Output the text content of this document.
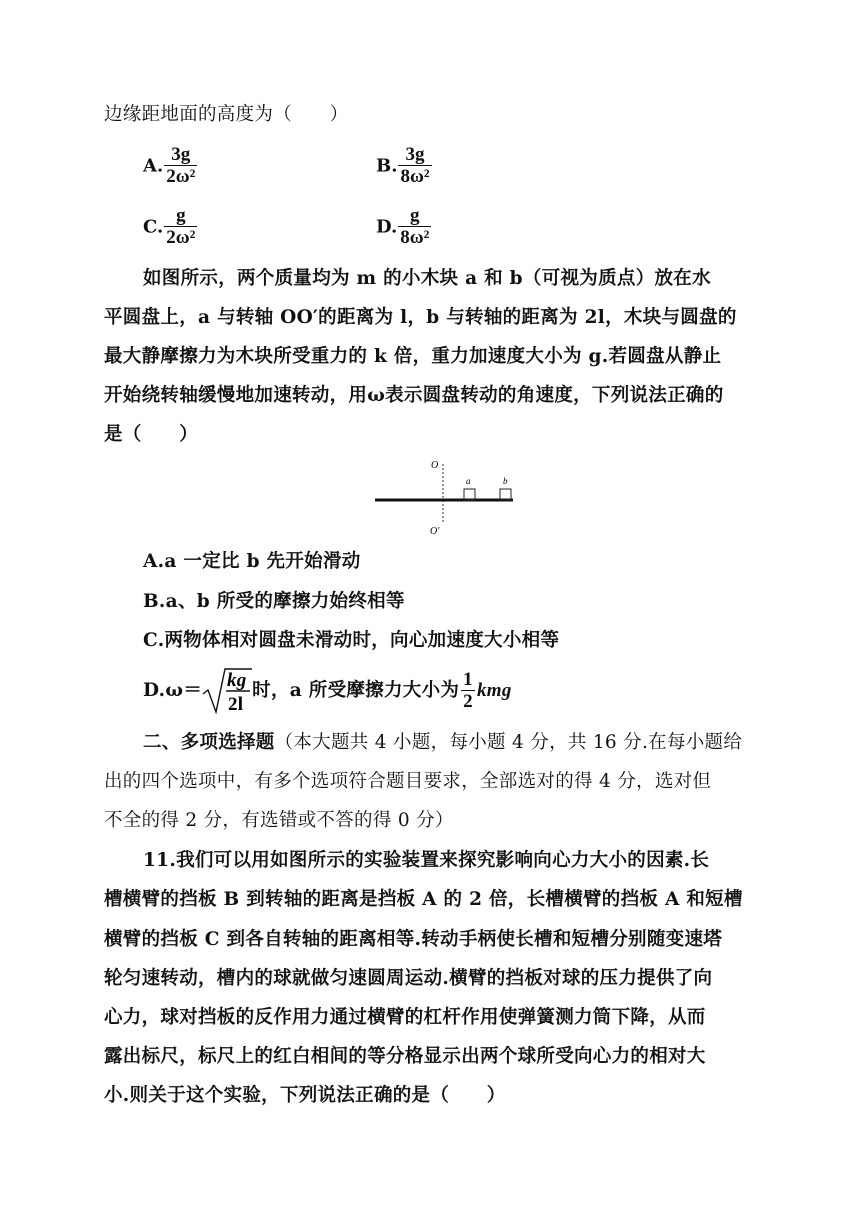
边缘距地面的高度为（　　）
A. $\frac{3g}{\text{2ω²}}$	B. $\frac{3g}{\text{8ω²}}$
C. $\frac{g}{\text{2ω²}}$	D. $\frac{g}{\text{8ω²}}$
如图所示，两个质量均为 m 的小木块 a 和 b（可视为质点）放在水
平圆盘上，a 与转轴 OO′的距离为 l，b 与转轴的距离为 2l，木块与圆盘的
最大静摩擦力为木块所受重力的 k 倍，重力加速度大小为 g.若圆盘从静止
开始绕转轴缓慢地加速转动，用ω表示圆盘转动的角速度，下列说法正确的
是（　　）
O
a	b
O′
A.a 一定比 b 先开始滑动
B.a、b 所受的摩擦力始终相等
C.两物体相对圆盘未滑动时，向心加速度大小相等
D.ω＝ kg
2l
时，a 所受摩擦力大小为 $\frac{1}{2}$ kmg
二、多项选择题（本大题共 4 小题，每小题 4 分，共 16 分.在每小题给
出的四个选项中，有多个选项符合题目要求，全部选对的得 4 分，选对但
不全的得 2 分，有选错或不答的得 0 分）
11.我们可以用如图所示的实验装置来探究影响向心力大小的因素.长
槽横臂的挡板 B 到转轴的距离是挡板 A 的 2 倍，长槽横臂的挡板 A 和短槽
横臂的挡板 C 到各自转轴的距离相等.转动手柄使长槽和短槽分别随变速塔
轮匀速转动，槽内的球就做匀速圆周运动.横臂的挡板对球的压力提供了向
心力，球对挡板的反作用力通过横臂的杠杆作用使弹簧测力筒下降，从而
露出标尺，标尺上的红白相间的等分格显示出两个球所受向心力的相对大
小.则关于这个实验，下列说法正确的是（　　）
